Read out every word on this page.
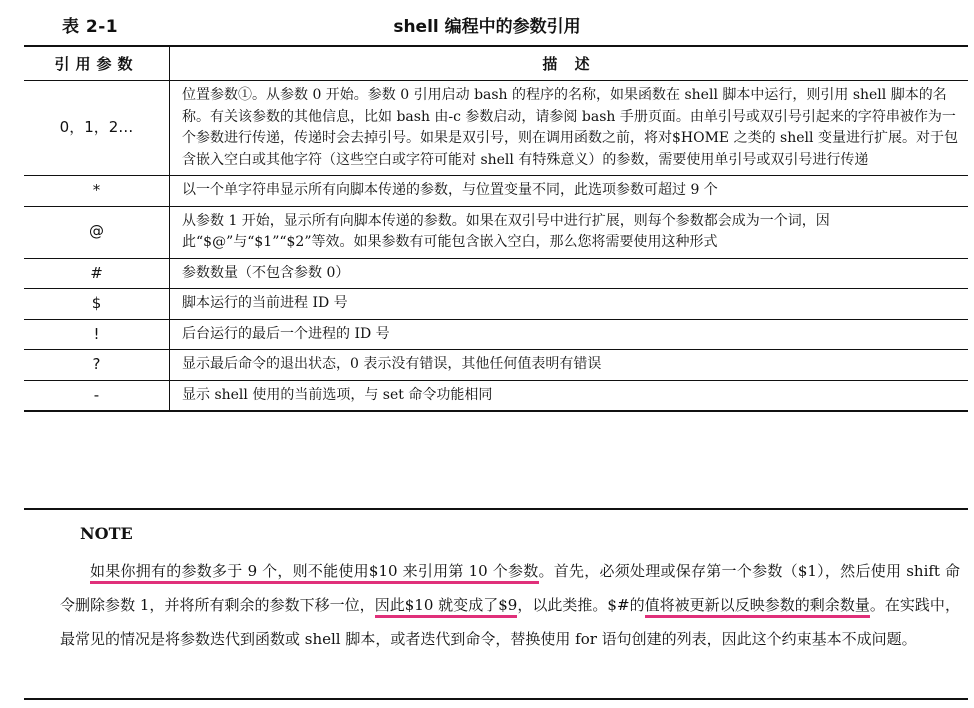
表 2-1	shell 编程中的参数引用
引用参数	描 述
0，1，2…	位置参数①。从参数 0 开始。参数 0 引用启动 bash 的程序的名称，如果函数在 shell 脚本中运行，则引用 shell 脚本的名称。有关该参数的其他信息，比如 bash 由-c 参数启动，请参阅 bash 手册页面。由单引号或双引号引起来的字符串被作为一个参数进行传递，传递时会去掉引号。如果是双引号，则在调用函数之前，将对$HOME 之类的 shell 变量进行扩展。对于包含嵌入空白或其他字符（这些空白或字符可能对 shell 有特殊意义）的参数，需要使用单引号或双引号进行传递
*	以一个单字符串显示所有向脚本传递的参数，与位置变量不同，此选项参数可超过 9 个
@	从参数 1 开始，显示所有向脚本传递的参数。如果在双引号中进行扩展，则每个参数都会成为一个词，因此“$@”与“$1”“$2”等效。如果参数有可能包含嵌入空白，那么您将需要使用这种形式
#	参数数量（不包含参数 0）
$	脚本运行的当前进程 ID 号
!	后台运行的最后一个进程的 ID 号
?	显示最后命令的退出状态，0 表示没有错误，其他任何值表明有错误
-	显示 shell 使用的当前选项，与 set 命令功能相同
NOTE
如果你拥有的参数多于 9 个，则不能使用$10 来引用第 10 个参数。首先，必须处理或保存第一个参数（$1），然后使用 shift 命令删除参数 1，并将所有剩余的参数下移一位，因此$10 就变成了$9，以此类推。$#的值将被更新以反映参数的剩余数量。在实践中，最常见的情况是将参数迭代到函数或 shell 脚本，或者迭代到命令，替换使用 for 语句创建的列表，因此这个约束基本不成问题。
